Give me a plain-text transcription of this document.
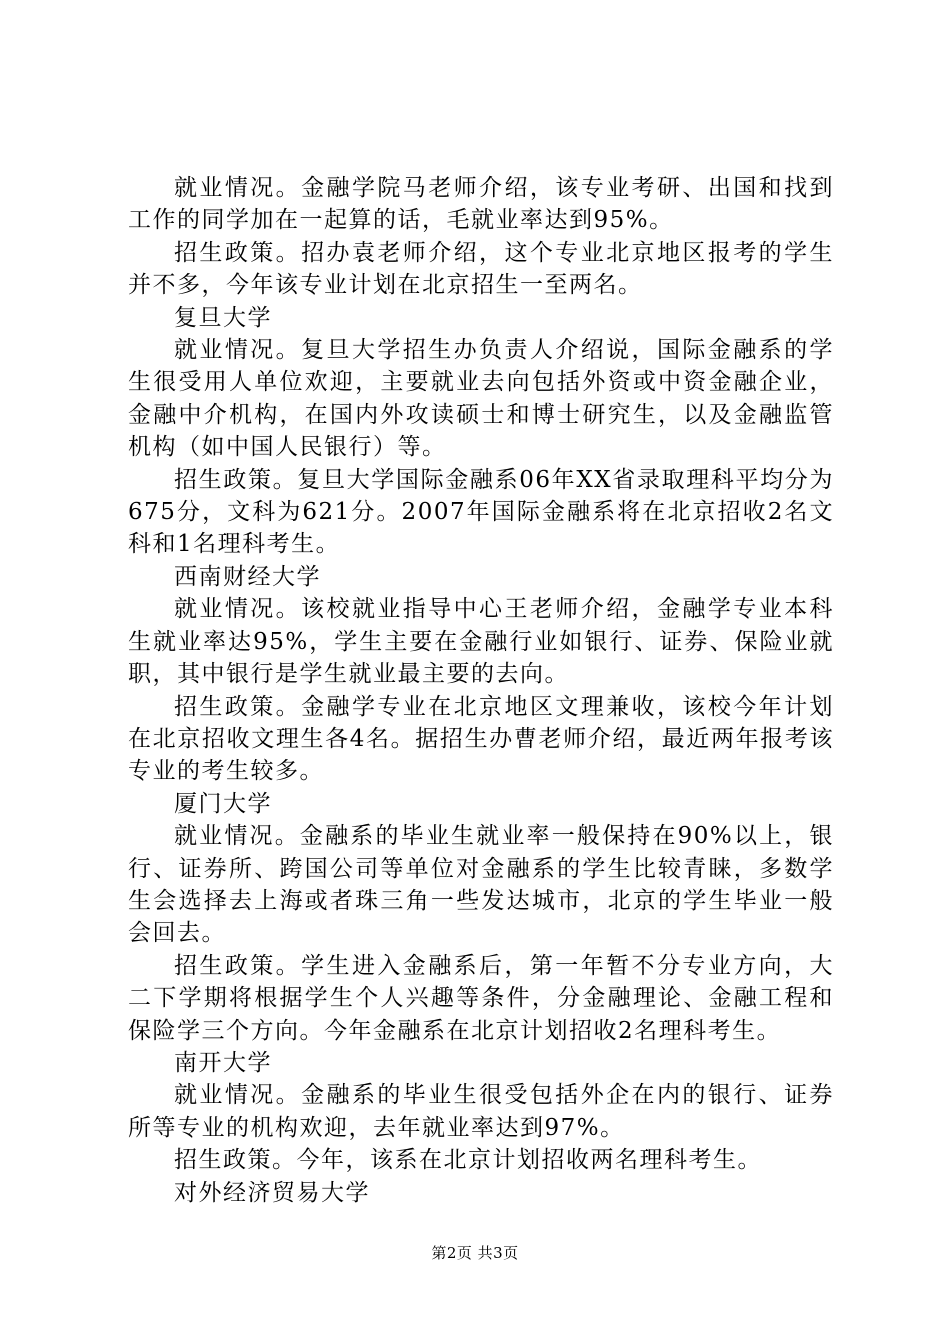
就业情况。金融学院马老师介绍，该专业考研、出国和找到工作的同学加在一起算的话，毛就业率达到95%。

招生政策。招办袁老师介绍，这个专业北京地区报考的学生并不多，今年该专业计划在北京招生一至两名。

复旦大学

就业情况。复旦大学招生办负责人介绍说，国际金融系的学生很受用人单位欢迎，主要就业去向包括外资或中资金融企业，金融中介机构，在国内外攻读硕士和博士研究生，以及金融监管机构（如中国人民银行）等。

招生政策。复旦大学国际金融系06年XX省录取理科平均分为675分，文科为621分。2007年国际金融系将在北京招收2名文科和1名理科考生。

西南财经大学

就业情况。该校就业指导中心王老师介绍，金融学专业本科生就业率达95%，学生主要在金融行业如银行、证券、保险业就职，其中银行是学生就业最主要的去向。

招生政策。金融学专业在北京地区文理兼收，该校今年计划在北京招收文理生各4名。据招生办曹老师介绍，最近两年报考该专业的考生较多。

厦门大学

就业情况。金融系的毕业生就业率一般保持在90%以上，银行、证券所、跨国公司等单位对金融系的学生比较青睐，多数学生会选择去上海或者珠三角一些发达城市，北京的学生毕业一般会回去。

招生政策。学生进入金融系后，第一年暂不分专业方向，大二下学期将根据学生个人兴趣等条件，分金融理论、金融工程和保险学三个方向。今年金融系在北京计划招收2名理科考生。

南开大学

就业情况。金融系的毕业生很受包括外企在内的银行、证券所等专业的机构欢迎，去年就业率达到97%。

招生政策。今年，该系在北京计划招收两名理科考生。

对外经济贸易大学

第2页 共3页
